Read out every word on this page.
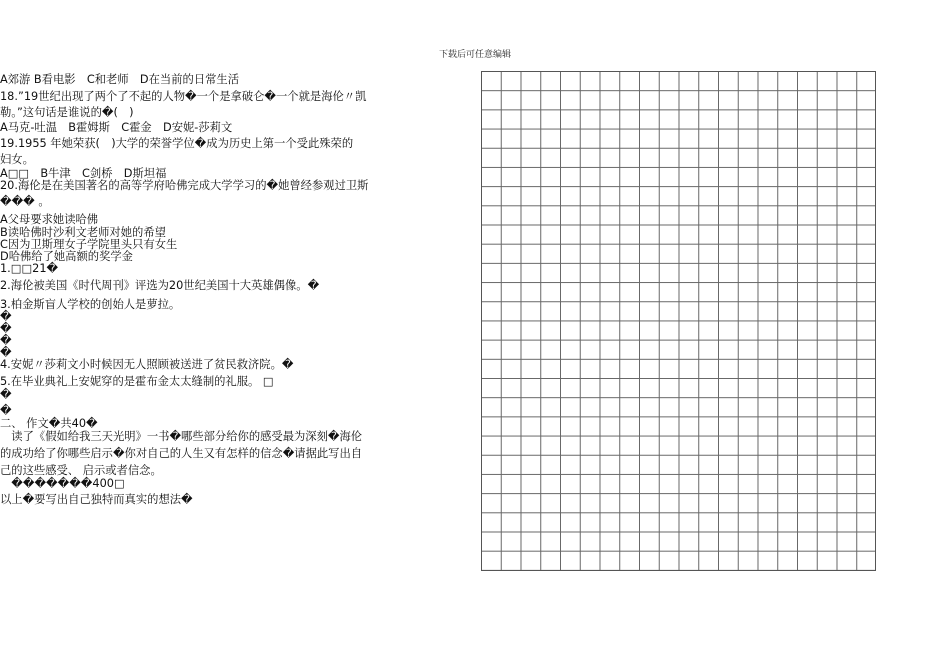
下载后可任意编辑
A郊游 B看电影　C和老师　D在当前的日常生活
18.”19世纪出现了两个了不起的人物�一个是拿破仑�一个就是海伦〃凯
勒。”这句话是谁说的�(　)
A马克-吐温　B霍姆斯　C霍金　D安妮-莎莉文
19.1955 年她荣获(　)大学的荣誉学位�成为历史上第一个受此殊荣的
妇女。
A□□　B牛津　C剑桥　D斯坦福
20.海伦是在美国著名的高等学府哈佛完成大学学习的�她曾经参观过卫斯
��� 。
A父母要求她读哈佛
B读哈佛时沙利文老师对她的希望
C因为卫斯理女子学院里头只有女生
D哈佛给了她高额的奖学金
1.□□21�
2.海伦被美国《时代周刊》评选为20世纪美国十大英雄偶像。�
3.柏金斯盲人学校的创始人是萝拉。
�
�
�
�
4.安妮〃莎莉文小时候因无人照顾被送进了贫民救济院。�
5.在毕业典礼上安妮穿的是霍布金太太缝制的礼服。 □
�
�
二、 作文�共40�
　读了《假如给我三天光明》一书�哪些部分给你的感受最为深刻�海伦
的成功给了你哪些启示�你对自己的人生又有怎样的信念�请据此写出自
己的这些感受、 启示或者信念。
　�������400□
以上�要写出自己独特而真实的想法�
